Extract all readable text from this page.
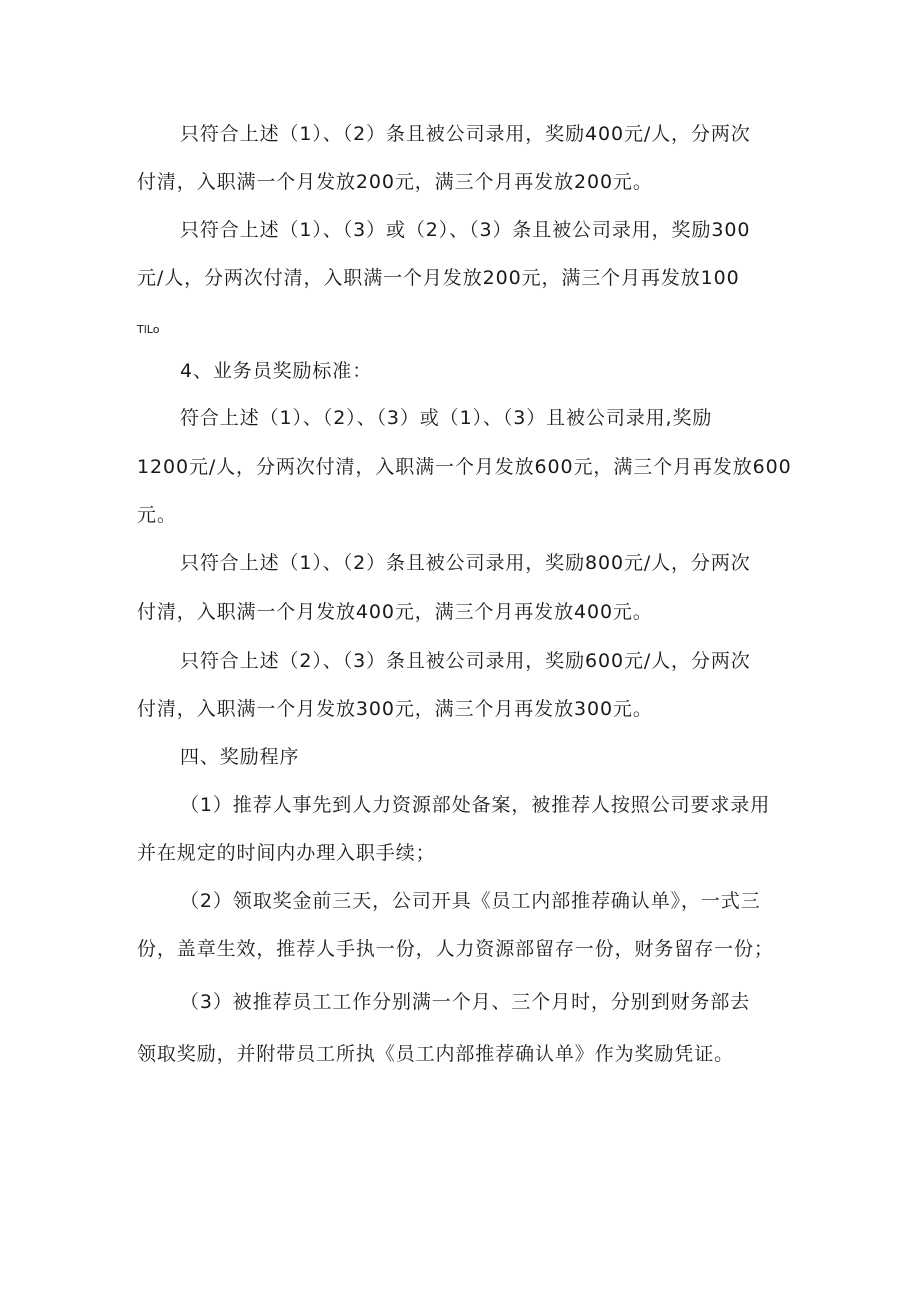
只符合上述（1）、（2）条且被公司录用，奖励400元/人，分两次
付清，入职满一个月发放200元，满三个月再发放200元。
只符合上述（1）、（3）或（2）、（3）条且被公司录用，奖励300
元/人，分两次付清，入职满一个月发放200元，满三个月再发放100
TlLo
4、业务员奖励标准：
符合上述（1）、（2）、（3）或（1）、（3）且被公司录用,奖励
1200元/人，分两次付清，入职满一个月发放600元，满三个月再发放600
元。
只符合上述（1）、（2）条且被公司录用，奖励800元/人，分两次
付清，入职满一个月发放400元，满三个月再发放400元。
只符合上述（2）、（3）条且被公司录用，奖励600元/人，分两次
付清，入职满一个月发放300元，满三个月再发放300元。
四、奖励程序
（1）推荐人事先到人力资源部处备案，被推荐人按照公司要求录用
并在规定的时间内办理入职手续；
（2）领取奖金前三天，公司开具《员工内部推荐确认单》，一式三
份，盖章生效，推荐人手执一份，人力资源部留存一份，财务留存一份；
（3）被推荐员工工作分别满一个月、三个月时，分别到财务部去
领取奖励，并附带员工所执《员工内部推荐确认单》作为奖励凭证。
